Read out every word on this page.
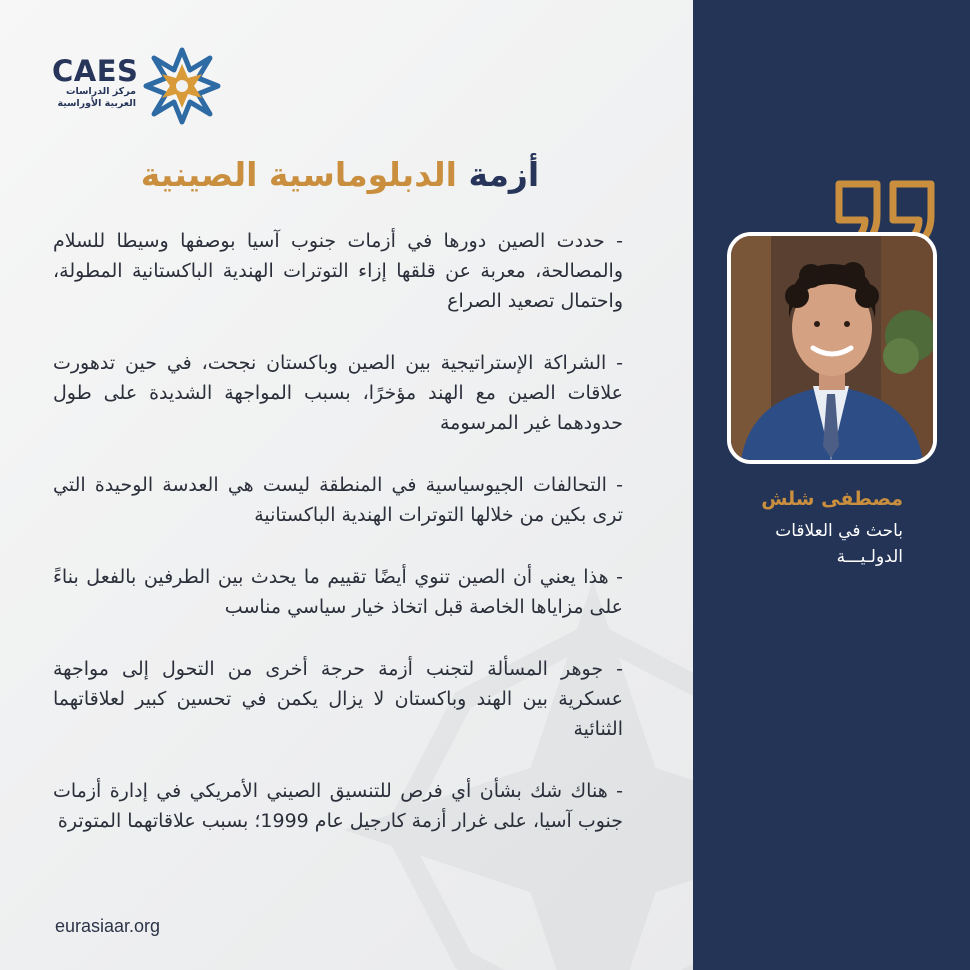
CAES
مركز الدراسات
العربية الأوراسية
أزمة الدبلوماسية الصينية

- حددت الصين دورها في أزمات جنوب آسيا بوصفها وسيطا للسلام والمصالحة، معربة عن قلقها إزاء التوترات الهندية الباكستانية المطولة، واحتمال تصعيد الصراع

- الشراكة الإستراتيجية بين الصين وباكستان نجحت، في حين تدهورت علاقات الصين مع الهند مؤخرًا، بسبب المواجهة الشديدة على طول حدودهما غير المرسومة

- التحالفات الجيوسياسية في المنطقة ليست هي العدسة الوحيدة التي ترى بكين من خلالها التوترات الهندية الباكستانية

- هذا يعني أن الصين تنوي أيضًا تقييم ما يحدث بين الطرفين بالفعل بناءً على مزاياها الخاصة قبل اتخاذ خيار سياسي مناسب

- جوهر المسألة لتجنب أزمة حرجة أخرى من التحول إلى مواجهة عسكرية بين الهند وباكستان لا يزال يكمن في تحسين كبير لعلاقاتهما الثنائية

- هناك شك بشأن أي فرص للتنسيق الصيني الأمريكي في إدارة أزمات جنوب آسيا، على غرار أزمة كارجيل عام 1999؛ بسبب علاقاتهما المتوترة

eurasiaar.org
مصطفى شلش
باحث في العلاقات
الدولـيـــة
